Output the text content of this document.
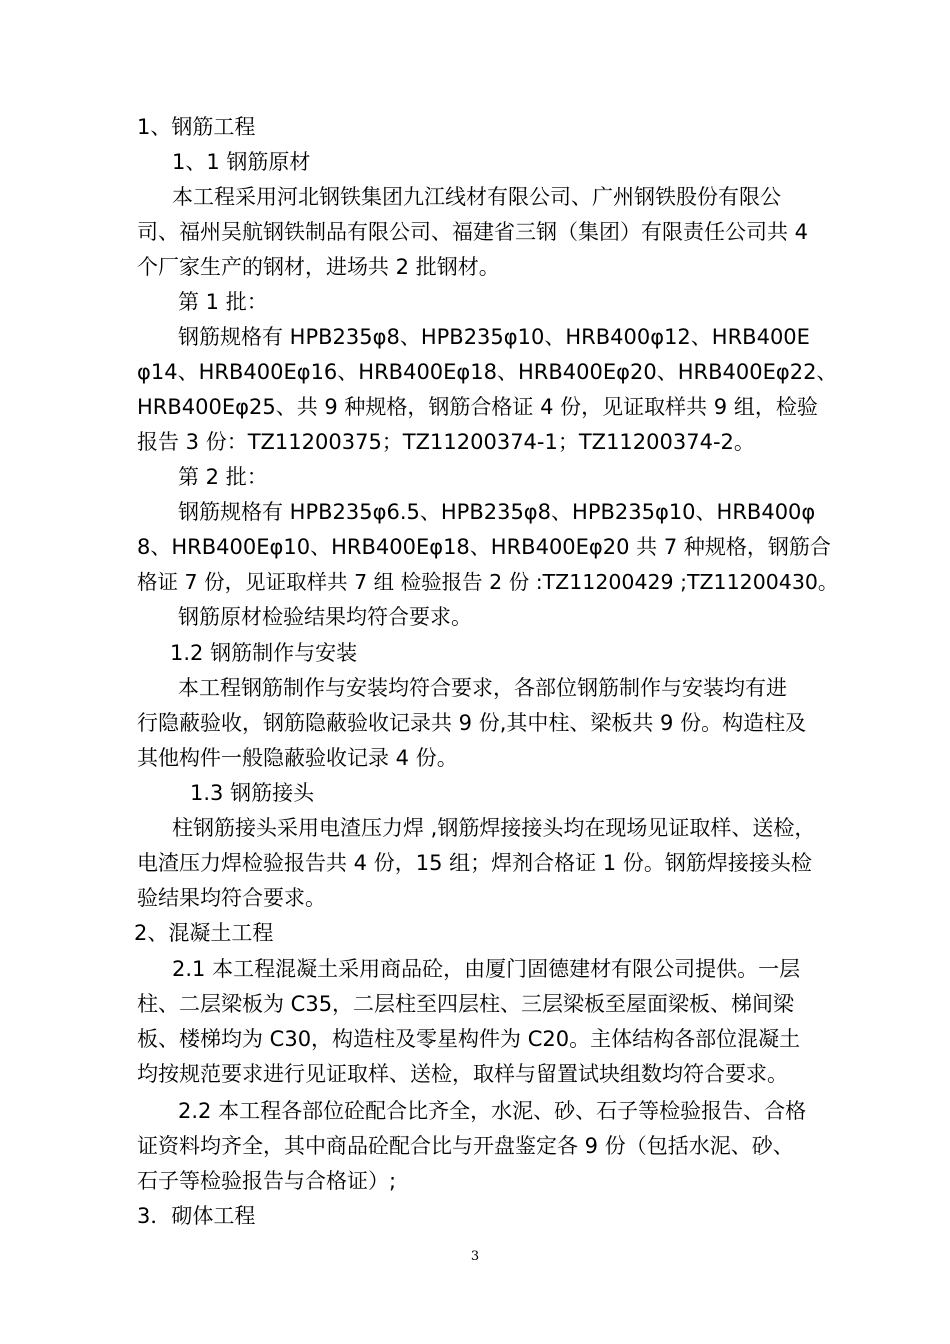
1、钢筋工程
1、1 钢筋原材
本工程采用河北钢铁集团九江线材有限公司、广州钢铁股份有限公
司、福州吴航钢铁制品有限公司、福建省三钢（集团）有限责任公司共 4
个厂家生产的钢材，进场共 2 批钢材。
第 1 批：
钢筋规格有 HPB235φ8、HPB235φ10、HRB400φ12、HRB400E
φ14、HRB400Eφ16、HRB400Eφ18、HRB400Eφ20、HRB400Eφ22、
HRB400Eφ25、共 9 种规格，钢筋合格证 4 份，见证取样共 9 组，检验
报告 3 份：TZ11200375；TZ11200374-1；TZ11200374-2。
第 2 批：
钢筋规格有 HPB235φ6.5、HPB235φ8、HPB235φ10、HRB400φ
8、HRB400Eφ10、HRB400Eφ18、HRB400Eφ20 共 7 种规格，钢筋合
格证 7 份，见证取样共 7 组 检验报告 2 份 :TZ11200429 ;TZ11200430。
钢筋原材检验结果均符合要求。
1.2 钢筋制作与安装
本工程钢筋制作与安装均符合要求，各部位钢筋制作与安装均有进
行隐蔽验收，钢筋隐蔽验收记录共 9 份,其中柱、梁板共 9 份。构造柱及
其他构件一般隐蔽验收记录 4 份。
1.3 钢筋接头
柱钢筋接头采用电渣压力焊 ,钢筋焊接接头均在现场见证取样、送检，
电渣压力焊检验报告共 4 份，15 组；焊剂合格证 1 份。钢筋焊接接头检
验结果均符合要求。
2、混凝土工程
2.1 本工程混凝土采用商品砼，由厦门固德建材有限公司提供。一层
柱、二层梁板为 C35，二层柱至四层柱、三层梁板至屋面梁板、梯间梁
板、楼梯均为 C30，构造柱及零星构件为 C20。主体结构各部位混凝土
均按规范要求进行见证取样、送检，取样与留置试块组数均符合要求。
2.2 本工程各部位砼配合比齐全，水泥、砂、石子等检验报告、合格
证资料均齐全，其中商品砼配合比与开盘鉴定各 9 份（包括水泥、砂、
石子等检验报告与合格证）;
3．砌体工程
3
